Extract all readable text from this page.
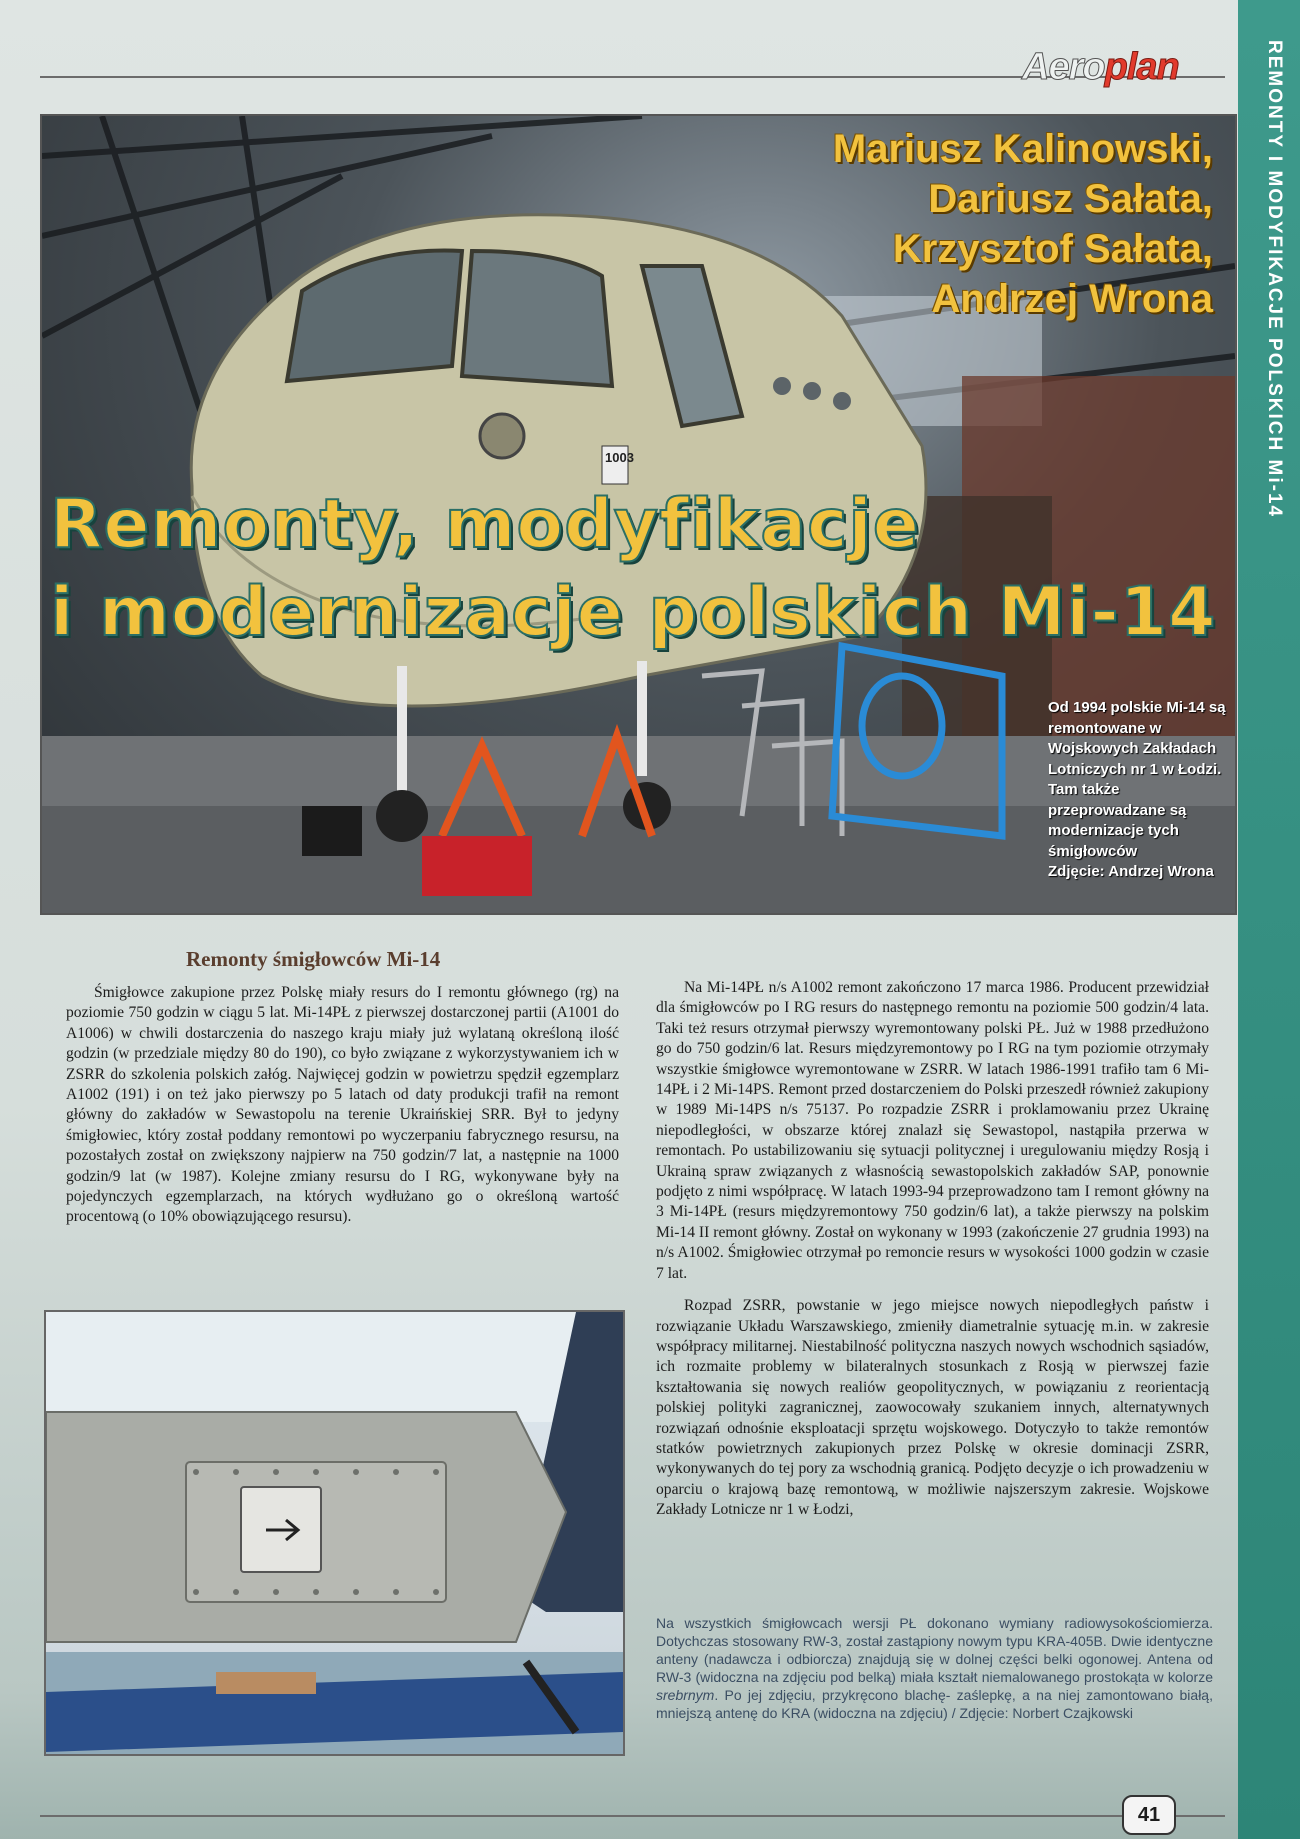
Aeroplan	REMONTY I MODYFIKACJE POLSKICH Mi-14
Mariusz Kalinowski,
Dariusz Sałata,
Krzysztof Sałata,
Andrzej Wrona
Remonty, modyfikacje
i modernizacje polskich Mi-14
1003
Od 1994 polskie Mi-14 są remontowane w Wojskowych Zakładach Lotniczych nr 1 w Łodzi. Tam także przeprowadzane są modernizacje tych śmigłowców
Zdjęcie: Andrzej Wrona
Remonty śmigłowców Mi-14

Śmigłowce zakupione przez Polskę miały resurs do I remontu głównego (rg) na poziomie 750 godzin w ciągu 5 lat. Mi-14PŁ z pierwszej dostarczonej partii (A1001 do A1006) w chwili dostarczenia do naszego kraju miały już wylataną określoną ilość godzin (w przedziale między 80 do 190), co było związane z wykorzystywaniem ich w ZSRR do szkolenia polskich załóg. Najwięcej godzin w powietrzu spędził egzemplarz A1002 (191) i on też jako pierwszy po 5 latach od daty produkcji trafił na remont główny do zakładów w Sewastopolu na terenie Ukraińskiej SRR. Był to jedyny śmigłowiec, który został poddany remontowi po wyczerpaniu fabrycznego resursu, na pozostałych został on zwiększony najpierw na 750 godzin/7 lat, a następnie na 1000 godzin/9 lat (w 1987). Kolejne zmiany resursu do I RG, wykonywane były na pojedynczych egzemplarzach, na których wydłużano go o określoną wartość procentową (o 10% obowiązującego resursu).

Na Mi-14PŁ n/s A1002 remont zakończono 17 marca 1986. Producent przewidział dla śmigłowców po I RG resurs do następnego remontu na poziomie 500 godzin/4 lata. Taki też resurs otrzymał pierwszy wyremontowany polski PŁ. Już w 1988 przedłużono go do 750 godzin/6 lat. Resurs międzyremontowy po I RG na tym poziomie otrzymały wszystkie śmigłowce wyremontowane w ZSRR. W latach 1986-1991 trafiło tam 6 Mi-14PŁ i 2 Mi-14PS. Remont przed dostarczeniem do Polski przeszedł również zakupiony w 1989 Mi-14PS n/s 75137. Po rozpadzie ZSRR i proklamowaniu przez Ukrainę niepodległości, w obszarze której znalazł się Sewastopol, nastąpiła przerwa w remontach. Po ustabilizowaniu się sytuacji politycznej i uregulowaniu między Rosją i Ukrainą spraw związanych z własnością sewastopolskich zakładów SAP, ponownie podjęto z nimi współpracę. W latach 1993-94 przeprowadzono tam I remont główny na 3 Mi-14PŁ (resurs międzyremontowy 750 godzin/6 lat), a także pierwszy na polskim Mi-14 II remont główny. Został on wykonany w 1993 (zakończenie 27 grudnia 1993) na n/s A1002. Śmigłowiec otrzymał po remoncie resurs w wysokości 1000 godzin w czasie 7 lat.

Rozpad ZSRR, powstanie w jego miejsce nowych niepodległych państw i rozwiązanie Układu Warszawskiego, zmieniły diametralnie sytuację m.in. w zakresie współpracy militarnej. Niestabilność polityczna naszych nowych wschodnich sąsiadów, ich rozmaite problemy w bilateralnych stosunkach z Rosją w pierwszej fazie kształtowania się nowych realiów geopolitycznych, w powiązaniu z reorientacją polskiej polityki zagranicznej, zaowocowały szukaniem innych, alternatywnych rozwiązań odnośnie eksploatacji sprzętu wojskowego. Dotyczyło to także remontów statków powietrznych zakupionych przez Polskę w okresie dominacji ZSRR, wykonywanych do tej pory za wschodnią granicą. Podjęto decyzje o ich prowadzeniu w oparciu o krajową bazę remontową, w możliwie najszerszym zakresie. Wojskowe Zakłady Lotnicze nr 1 w Łodzi,

Na wszystkich śmigłowcach wersji PŁ dokonano wymiany radiowysokościomierza. Dotychczas stosowany RW-3, został zastąpiony nowym typu KRA-405B. Dwie identyczne anteny (nadawcza i odbiorcza) znajdują się w dolnej części belki ogonowej. Antena od RW-3 (widoczna na zdjęciu pod belką) miała kształt niemalowanego prostokąta w kolorze srebrnym. Po jej zdjęciu, przykręcono blachę- zaślepkę, a na niej zamontowano białą, mniejszą antenę do KRA (widoczna na zdjęciu) / Zdjęcie: Norbert Czajkowski
41
